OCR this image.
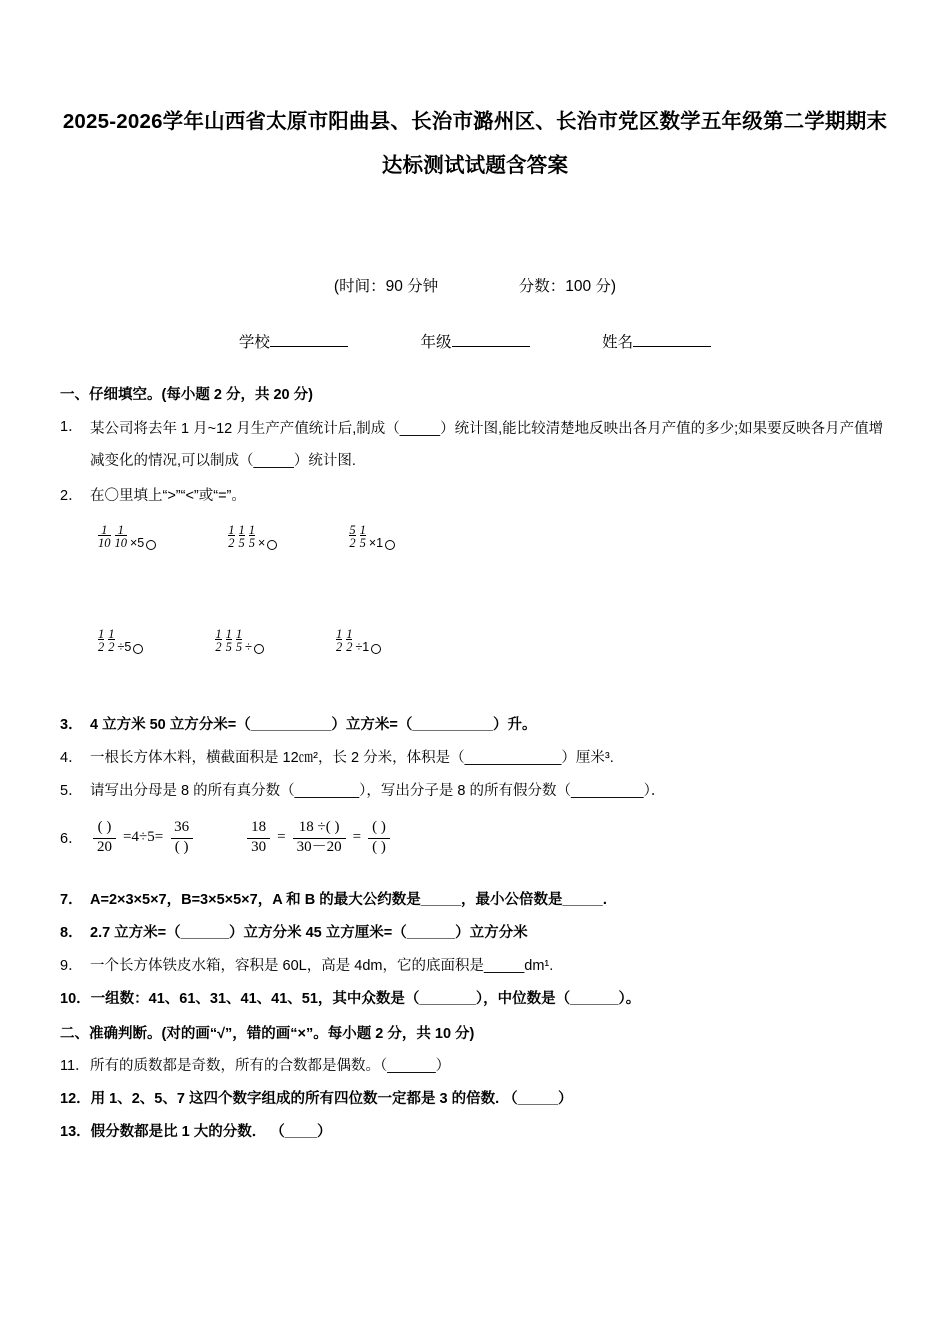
2025-2026学年山西省太原市阳曲县、长治市潞州区、长治市党区数学五年级第二学期期末达标测试试题含答案
(时间：90 分钟	分数：100 分)
学校	年级	姓名
一、仔细填空。(每小题 2 分，共 20 分)
1． 某公司将去年 1 月~12 月生产产值统计后,制成（_____）统计图,能比较清楚地反映出各月产值的多少;如果要反映各月产值增减变化的情况,可以制成（_____）统计图.
2． 在〇里填上“>”“<”或“=”。
$\frac{1}{10} \frac{1}{10} \times 5$	$\frac{1}{2} \frac{1}{5} \frac{1}{5}$ ×	$\frac{5}{2} \frac{1}{5} \times 1$
$\frac{1}{2} \frac{1}{2} \div 5$	$\frac{1}{2} \frac{1}{5} \frac{1}{5}$ ÷	$\frac{1}{2} \frac{1}{2} \div 1$
3． 4 立方米 50 立方分米=（__________）立方米=（__________）升。
4． 一根长方体木料，横截面积是 12㎝²，长 2 分米，体积是（____________）厘米³.
5． 请写出分母是 8 的所有真分数（________），写出分子是 8 的所有假分数（_________）．
6．
( )
20
=4÷5=
36
( )	$\frac{18}{30} = \frac{18 \div( )}{30-20}$ =
( )
( )
7． A=2×3×5×7，B=3×5×5×7，A 和 B 的最大公约数是_____，最小公倍数是_____.
8． 2.7 立方米=（______）立方分米 45 立方厘米=（______）立方分米
9． 一个长方体铁皮水箱，容积是 60L，高是 4dm，它的底面积是_____dm¹.
10． 一组数：41、61、31、41、41、51，其中众数是（_______），中位数是（______）。
二、准确判断。(对的画“√”，错的画“×”。每小题 2 分，共 10 分)
11． 所有的质数都是奇数，所有的合数都是偶数。（______）
12． 用 1、2、5、7 这四个数字组成的所有四位数一定都是 3 的倍数. （_____）
13． 假分数都是比 1 大的分数． （____）
